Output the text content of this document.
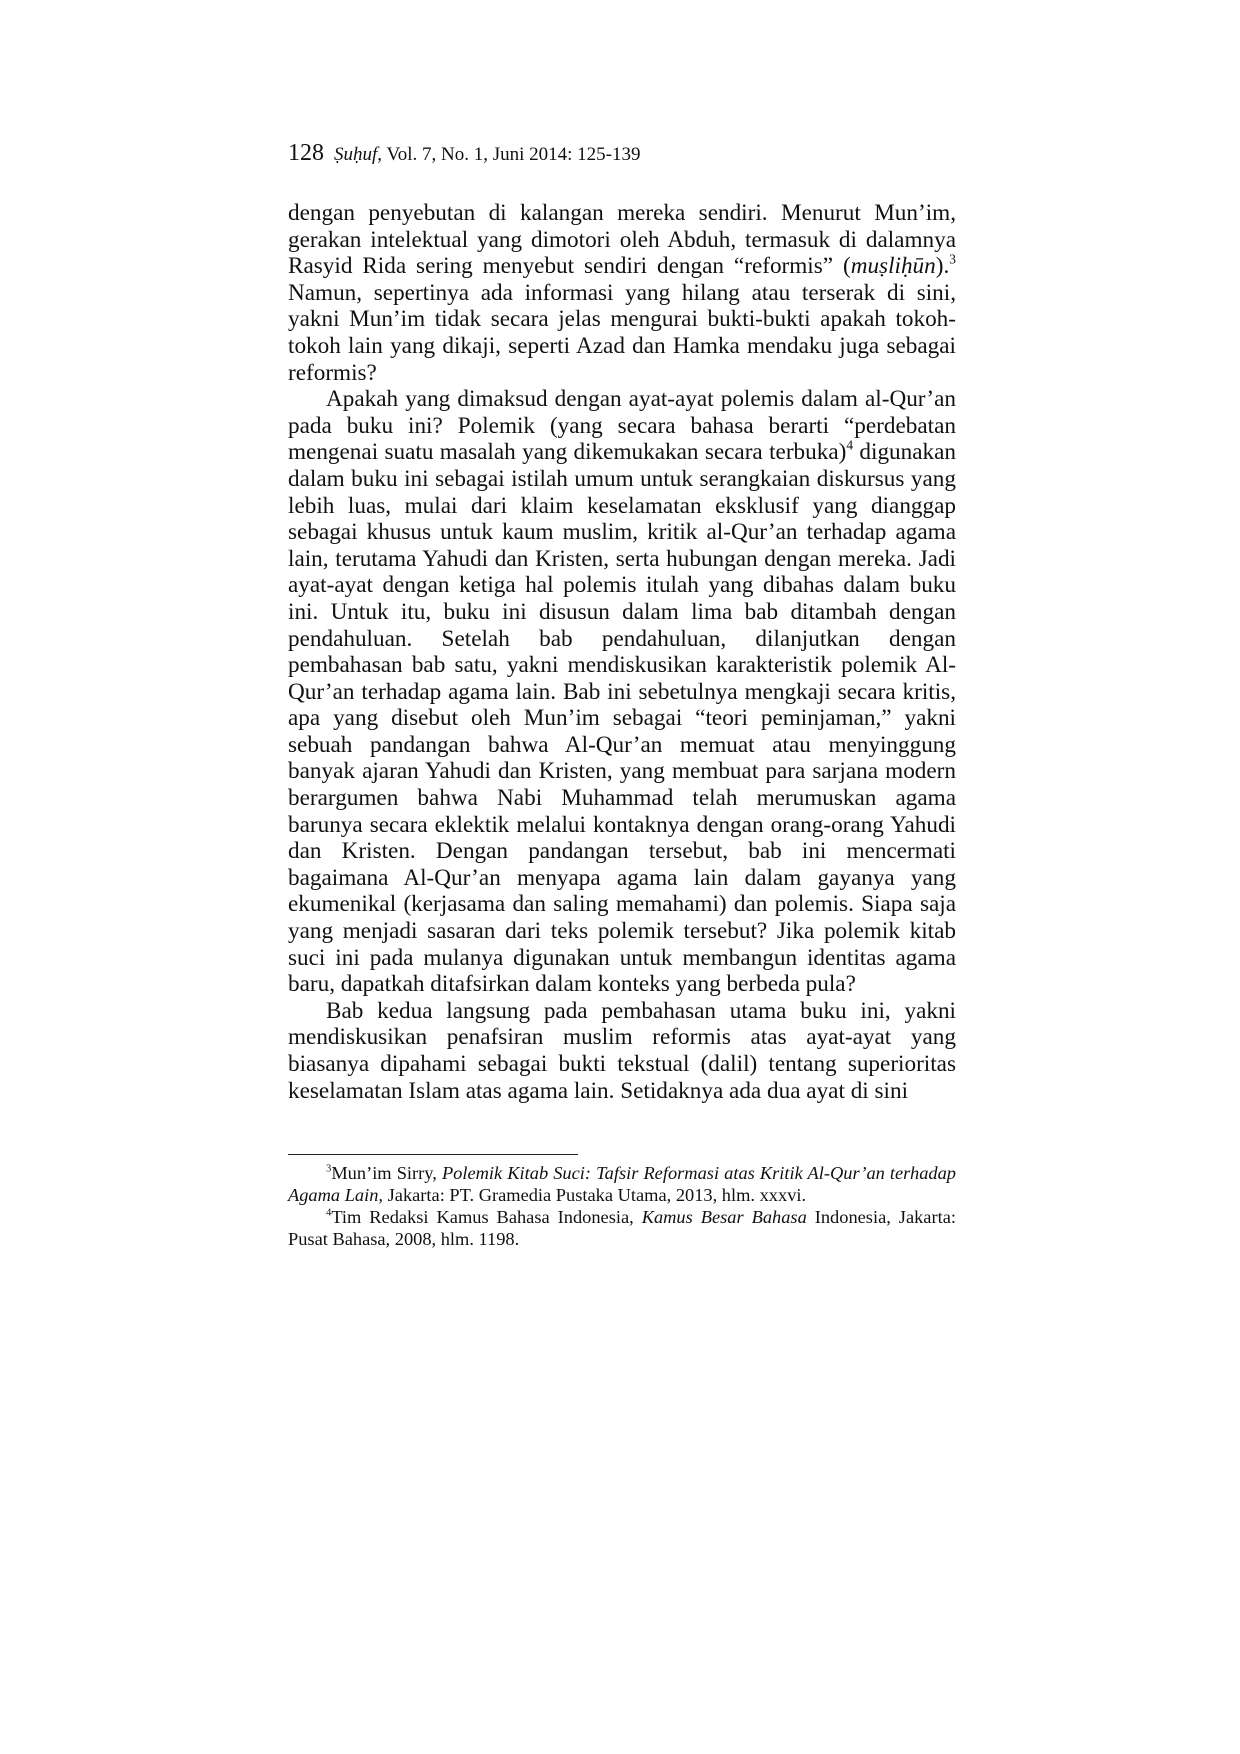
128 Ṣuḥuf, Vol. 7, No. 1, Juni 2014: 125-139

dengan penyebutan di kalangan mereka sendiri. Menurut Mun’im, gerakan intelektual yang dimotori oleh Abduh, termasuk di dalamnya Rasyid Rida sering menyebut sendiri dengan “reformis” (muṣliḥūn).$^3$ Namun, sepertinya ada informasi yang hilang atau terserak di sini, yakni Mun’im tidak secara jelas mengurai bukti-bukti apakah tokoh-tokoh lain yang dikaji, seperti Azad dan Hamka mendaku juga sebagai reformis?

Apakah yang dimaksud dengan ayat-ayat polemis dalam al-Qur’an pada buku ini? Polemik (yang secara bahasa berarti “perdebatan mengenai suatu masalah yang dikemukakan secara terbuka)$^4$ digunakan dalam buku ini sebagai istilah umum untuk serangkaian diskursus yang lebih luas, mulai dari klaim keselamatan eksklusif yang dianggap sebagai khusus untuk kaum muslim, kritik al-Qur’an terhadap agama lain, terutama Yahudi dan Kristen, serta hubungan dengan mereka. Jadi ayat-ayat dengan ketiga hal polemis itulah yang dibahas dalam buku ini. Untuk itu, buku ini disusun dalam lima bab ditambah dengan pendahuluan. Setelah bab pendahuluan, dilanjutkan dengan pembahasan bab satu, yakni mendiskusikan karakteristik polemik Al-Qur’an terhadap agama lain. Bab ini sebetulnya mengkaji secara kritis, apa yang disebut oleh Mun’im sebagai “teori peminjaman,” yakni sebuah pandangan bahwa Al-Qur’an memuat atau menyinggung banyak ajaran Yahudi dan Kristen, yang membuat para sarjana modern berargumen bahwa Nabi Muhammad telah merumuskan agama barunya secara eklektik melalui kontaknya dengan orang-orang Yahudi dan Kristen. Dengan pandangan tersebut, bab ini mencermati bagaimana Al-Qur’an menyapa agama lain dalam gayanya yang ekumenikal (kerjasama dan saling memahami) dan polemis. Siapa saja yang menjadi sasaran dari teks polemik tersebut? Jika polemik kitab suci ini pada mulanya digunakan untuk membangun identitas agama baru, dapatkah ditafsirkan dalam konteks yang berbeda pula?

Bab kedua langsung pada pembahasan utama buku ini, yakni mendiskusikan penafsiran muslim reformis atas ayat-ayat yang biasanya dipahami sebagai bukti tekstual (dalil) tentang superioritas keselamatan Islam atas agama lain. Setidaknya ada dua ayat di sini

$^3$Mun’im Sirry, Polemik Kitab Suci: Tafsir Reformasi atas Kritik Al-Qur’an terhadap Agama Lain, Jakarta: PT. Gramedia Pustaka Utama, 2013, hlm. xxxvi.

$^4$Tim Redaksi Kamus Bahasa Indonesia, Kamus Besar Bahasa Indonesia, Jakarta: Pusat Bahasa, 2008, hlm. 1198.
